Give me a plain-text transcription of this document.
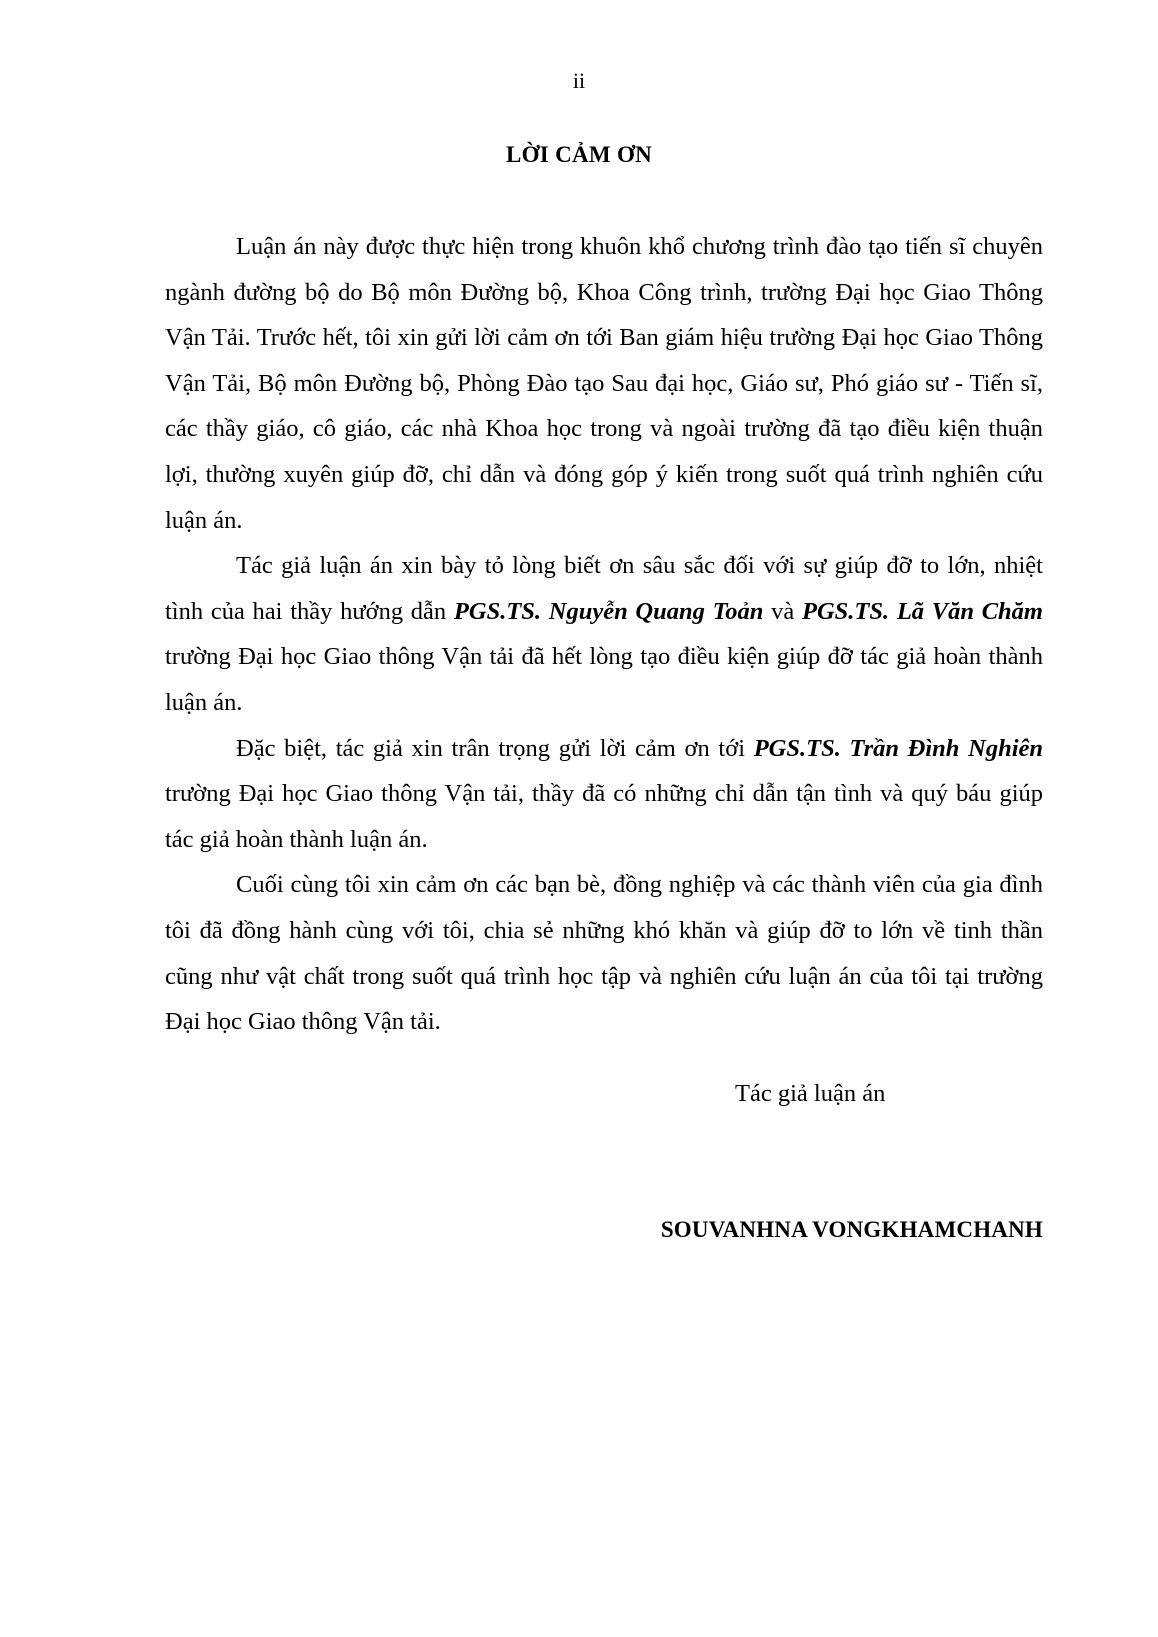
ii
LỜI CẢM ƠN

Luận án này được thực hiện trong khuôn khổ chương trình đào tạo tiến sĩ chuyên ngành đường bộ do Bộ môn Đường bộ, Khoa Công trình, trường Đại học Giao Thông Vận Tải. Trước hết, tôi xin gửi lời cảm ơn tới Ban giám hiệu trường Đại học Giao Thông Vận Tải, Bộ môn Đường bộ, Phòng Đào tạo Sau đại học, Giáo sư, Phó giáo sư - Tiến sĩ, các thầy giáo, cô giáo, các nhà Khoa học trong và ngoài trường đã tạo điều kiện thuận lợi, thường xuyên giúp đỡ, chỉ dẫn và đóng góp ý kiến trong suốt quá trình nghiên cứu luận án.

Tác giả luận án xin bày tỏ lòng biết ơn sâu sắc đối với sự giúp đỡ to lớn, nhiệt tình của hai thầy hướng dẫn PGS.TS. Nguyễn Quang Toản và PGS.TS. Lã Văn Chăm trường Đại học Giao thông Vận tải đã hết lòng tạo điều kiện giúp đỡ tác giả hoàn thành luận án.

Đặc biệt, tác giả xin trân trọng gửi lời cảm ơn tới PGS.TS. Trần Đình Nghiên trường Đại học Giao thông Vận tải, thầy đã có những chỉ dẫn tận tình và quý báu giúp tác giả hoàn thành luận án.

Cuối cùng tôi xin cảm ơn các bạn bè, đồng nghiệp và các thành viên của gia đình tôi đã đồng hành cùng với tôi, chia sẻ những khó khăn và giúp đỡ to lớn về tinh thần cũng như vật chất trong suốt quá trình học tập và nghiên cứu luận án của tôi tại trường Đại học Giao thông Vận tải.

Tác giả luận án
SOUVANHNA VONGKHAMCHANH
